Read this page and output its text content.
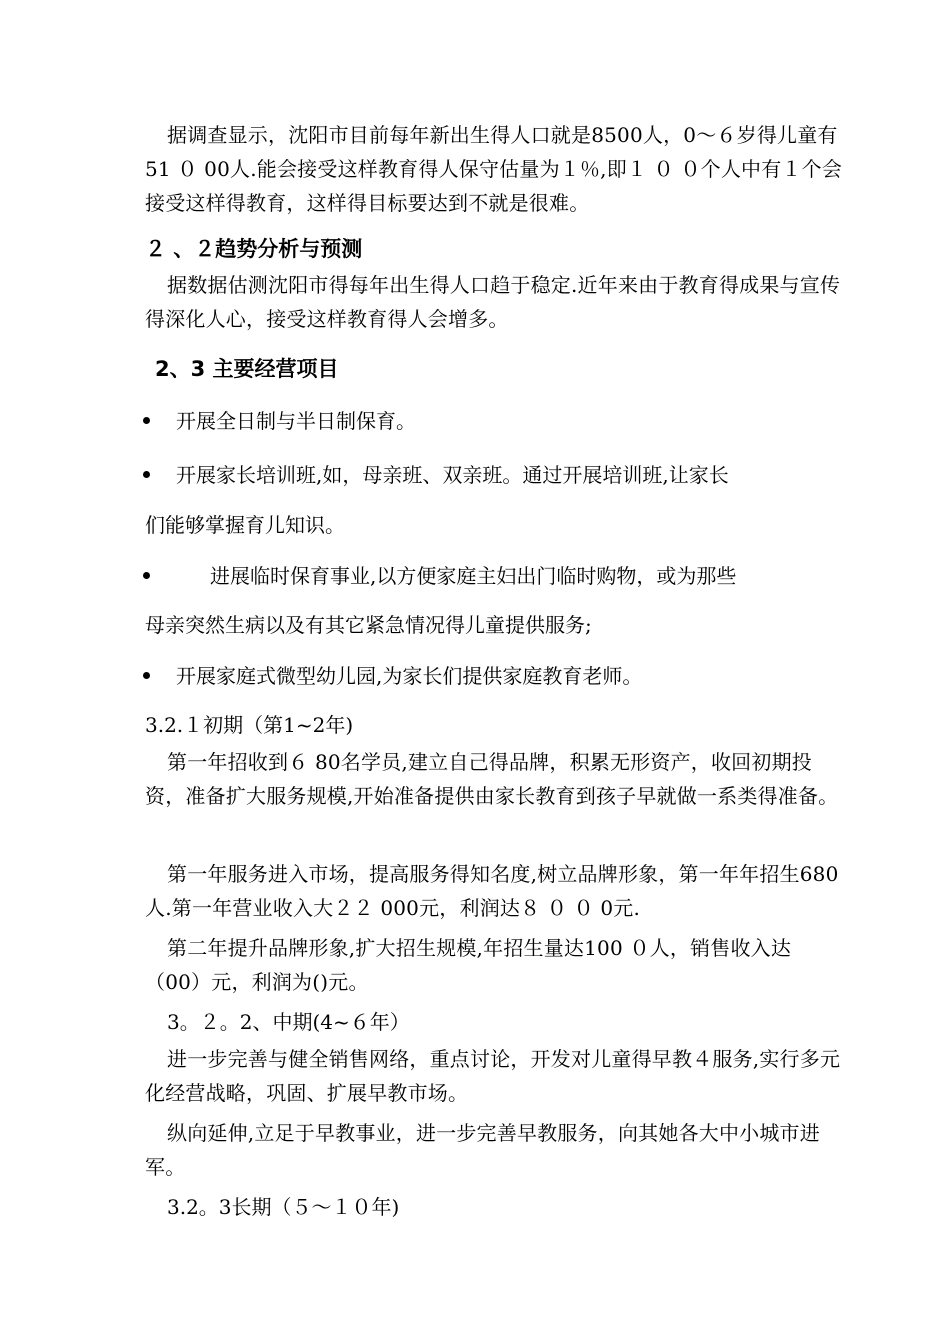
据调查显示，沈阳市目前每年新出生得人口就是8500人，0～６岁得儿童有51 ０ 00人.能会接受这样教育得人保守估量为１％,即１ ０ ０个人中有１个会接受这样得教育，这样得目标要达到不就是很难。
２ 、２趋势分析与预测
据数据估测沈阳市得每年出生得人口趋于稳定.近年来由于教育得成果与宣传得深化人心，接受这样教育得人会增多。
2、3 主要经营项目
开展全日制与半日制保育。
开展家长培训班,如，母亲班、双亲班。通过开展培训班,让家长
们能够掌握育儿知识。
进展临时保育事业,以方便家庭主妇出门临时购物，或为那些
母亲突然生病以及有其它紧急情况得儿童提供服务;
开展家庭式微型幼儿园,为家长们提供家庭教育老师。
3.2.１初期（第1~2年)
第一年招收到６ 80名学员,建立自己得品牌，积累无形资产，收回初期投资，准备扩大服务规模,开始准备提供由家长教育到孩子早就做一系类得准备。
第一年服务进入市场，提高服务得知名度,树立品牌形象，第一年年招生680人.第一年营业收入大２２ 000元，利润达８ ０ ０ 0元.
第二年提升品牌形象,扩大招生规模,年招生量达100 ０人，销售收入达（00）元，利润为()元。
3。２。2、中期(4~６年）
进一步完善与健全销售网络，重点讨论，开发对儿童得早教４服务,实行多元化经营战略，巩固、扩展早教市场。
纵向延伸,立足于早教事业，进一步完善早教服务，向其她各大中小城市进军。
3.2。3长期（５～１０年)
